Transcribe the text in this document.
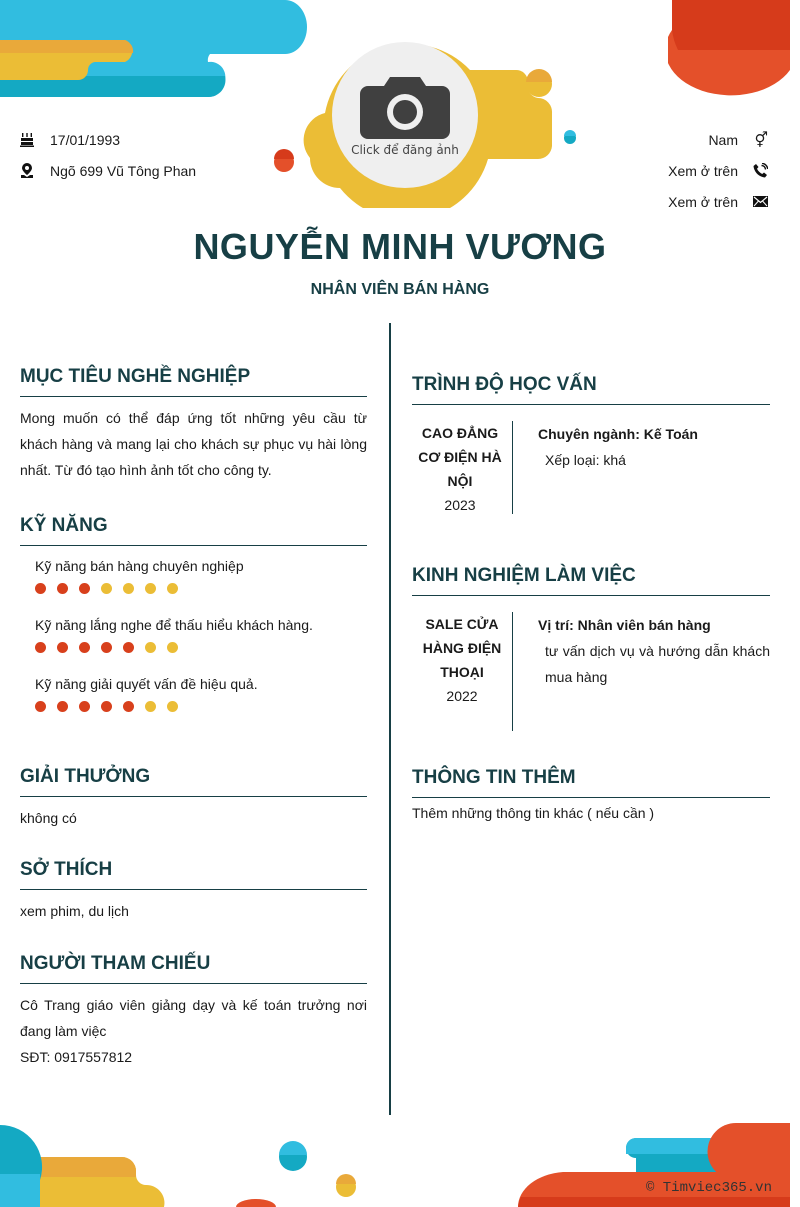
Click để đăng ảnh
17/01/1993
Ngõ 699 Vũ Tông Phan
Nam	⚥
Xem ở trên
Xem ở trên
NGUYỄN MINH VƯƠNG
NHÂN VIÊN BÁN HÀNG
MỤC TIÊU NGHỀ NGHIỆP
Mong muốn có thể đáp ứng tốt những yêu cầu từ khách hàng và mang lại cho khách sự phục vụ hài lòng nhất. Từ đó tạo hình ảnh tốt cho công ty.
KỸ NĂNG
Kỹ năng bán hàng chuyên nghiệp
Kỹ năng lắng nghe để thấu hiểu khách hàng.
Kỹ năng giải quyết vấn đề hiệu quả.
GIẢI THƯỞNG
không có
SỞ THÍCH
xem phim, du lịch
NGƯỜI THAM CHIẾU
Cô Trang giáo viên giảng dạy và kế toán trưởng nơi đang làm việc
SĐT: 0917557812
TRÌNH ĐỘ HỌC VẤN
CAO ĐẲNG CƠ ĐIỆN HÀ NỘI
2023
Chuyên ngành: Kế Toán
Xếp loại: khá
KINH NGHIỆM LÀM VIỆC
SALE CỬA HÀNG ĐIỆN THOẠI
2022
Vị trí: Nhân viên bán hàng
tư vấn dịch vụ và hướng dẫn khách mua hàng
THÔNG TIN THÊM
Thêm những thông tin khác ( nếu cần )
© Timviec365.vn
